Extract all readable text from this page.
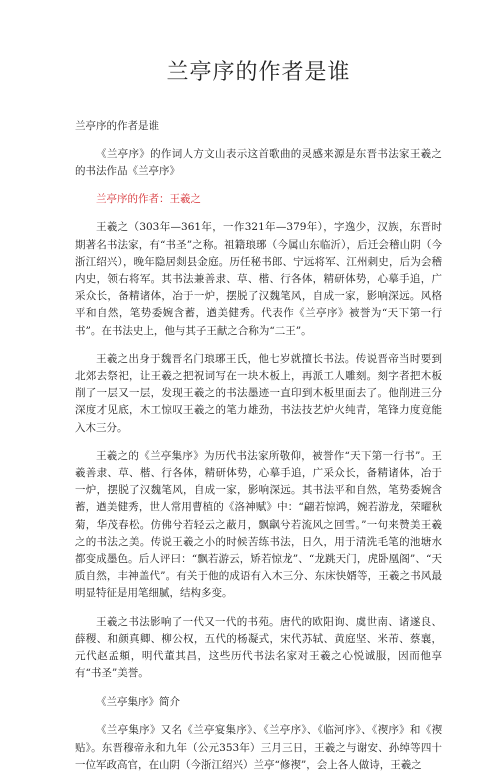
兰亭序的作者是谁

兰亭序的作者是谁

《兰亭序》的作词人方文山表示这首歌曲的灵感来源是东晋书法家王羲之的书法作品《兰亭序》

兰亭序的作者：王羲之

王羲之（303年—361年，一作321年—379年），字逸少，汉族，东晋时期著名书法家，有“书圣”之称。祖籍琅琊（今属山东临沂），后迁会稽山阴（今浙江绍兴），晚年隐居剡县金庭。历任秘书郎、宁远将军、江州刺史，后为会稽内史，领右将军。其书法兼善隶、草、楷、行各体，精研体势，心摹手追，广采众长，备精诸体，冶于一炉，摆脱了汉魏笔风，自成一家，影响深远。风格平和自然，笔势委婉含蓄，遒美健秀。代表作《兰亭序》被誉为“天下第一行书”。在书法史上，他与其子王献之合称为“二王”。

王羲之出身于魏晋名门琅琊王氏，他七岁就擅长书法。传说晋帝当时要到北郊去祭祀，让王羲之把祝词写在一块木板上，再派工人雕刻。刻字者把木板削了一层又一层，发现王羲之的书法墨迹一直印到木板里面去了。他削进三分深度才见底，木工惊叹王羲之的笔力雄劲，书法技艺炉火纯青，笔锋力度竟能入木三分。

王羲之的《兰亭集序》为历代书法家所敬仰，被誉作“天下第一行书”。王羲善隶、草、楷、行各体，精研体势，心摹手追，广采众长，备精诸体，冶于一炉，摆脱了汉魏笔风，自成一家，影响深远。其书法平和自然，笔势委婉含蓄，遒美健秀，世人常用曹植的《洛神赋》中：“翩若惊鸿，婉若游龙，荣曜秋菊，华茂春松。仿佛兮若轻云之蔽月，飘飖兮若流风之回雪。”一句来赞美王羲之的书法之美。传说王羲之小的时候苦练书法，日久，用于清洗毛笔的池塘水都变成墨色。后人评曰：“飘若游云，矫若惊龙”、“龙跳天门，虎卧凰阁”、“天质自然，丰神盖代”。有关于他的成语有入木三分、东床快婿等，王羲之书风最明显特征是用笔细腻，结构多变。

王羲之书法影响了一代又一代的书苑。唐代的欧阳询、虞世南、诸遂良、薛稷、和颜真卿、柳公权，五代的杨凝式，宋代苏轼、黄庭坚、米芾、蔡襄，元代赵孟頫，明代董其昌，这些历代书法名家对王羲之心悦诚服，因而他享有“书圣”美誉。

《兰亭集序》简介

《兰亭集序》又名《兰亭宴集序》、《兰亭序》、《临河序》、《禊序》和《禊贴》。东晋穆帝永和九年（公元353年）三月三日，王羲之与谢安、孙绰等四十一位军政高官，在山阴（今浙江绍兴）兰亭“修禊”，会上各人做诗，王羲之
